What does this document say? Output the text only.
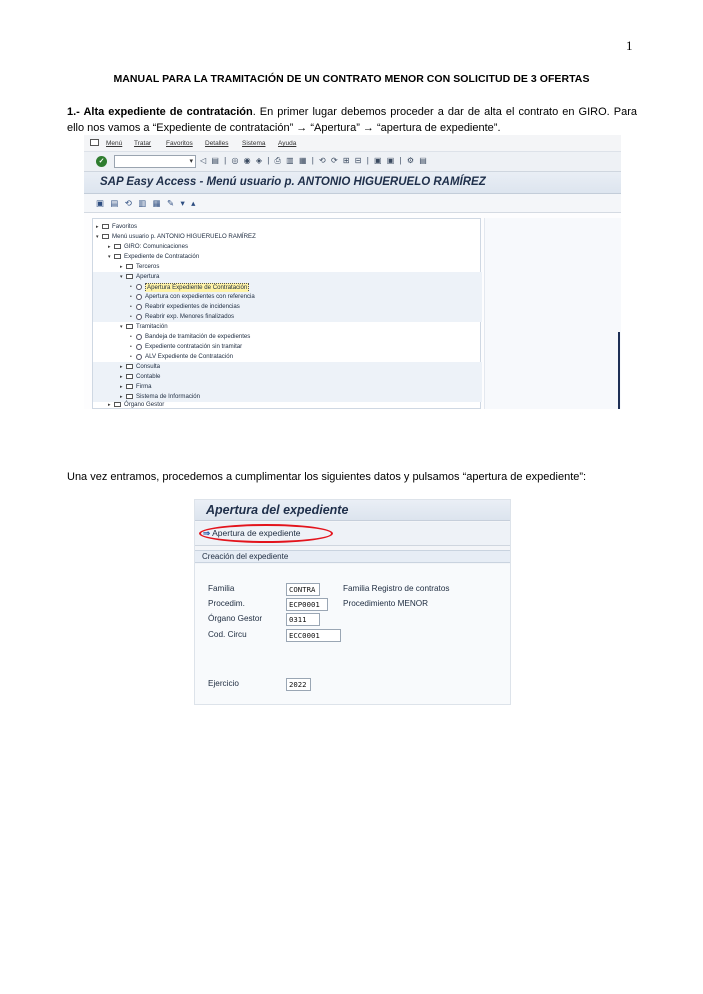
1
MANUAL PARA LA TRAMITACIÓN DE UN CONTRATO MENOR CON SOLICITUD DE 3 OFERTAS

1.- Alta expediente de contratación. En primer lugar debemos proceder a dar de alta el contrato en GIRO. Para ello nos vamos a “Expediente de contratación” → “Apertura” → “apertura de expediente”.

Menú Tratar Favoritos Detalles Sistema Ayuda
✓	▾ ◁ ▤ | ◎ ◉ ◈ | ⎙ ▥ ▦ | ⟲ ⟳ ⊞ ⊟ | ▣ ▣ | ⚙ ▤
SAP Easy Access - Menú usuario p. ANTONIO HIGUERUELO RAMÍREZ
▣ ▤ ⟲ ▥ ▦ ✎ ▾ ▴
▸ Favoritos
▾ Menú usuario p. ANTONIO HIGUERUELO RAMÍREZ
▸ GIRO: Comunicaciones
▾ Expediente de Contratación
▸ Terceros
▾ Apertura
•	Apertura Expediente de Contratación
• Apertura con expedientes con referencia
• Reabrir expedientes de incidencias
• Reabrir exp. Menores finalizados
▾ Tramitación
• Bandeja de tramitación de expedientes
• Expediente contratación sin tramitar
• ALV Expediente de Contratación
▸ Consulta
▸ Contable
▸ Firma
▸ Sistema de Información
▸ Órgano Gestor

Una vez entramos, procedemos a cumplimentar los siguientes datos y pulsamos “apertura de expediente”:

Apertura del expediente
⇒ Apertura de expediente
Creación del expediente
Familia	CONTRA	Familia Registro de contratos
Procedim.	ECP0001	Procedimiento MENOR
Órgano Gestor	0311
Cod. Circu	ECC0001
Ejercicio	2022
